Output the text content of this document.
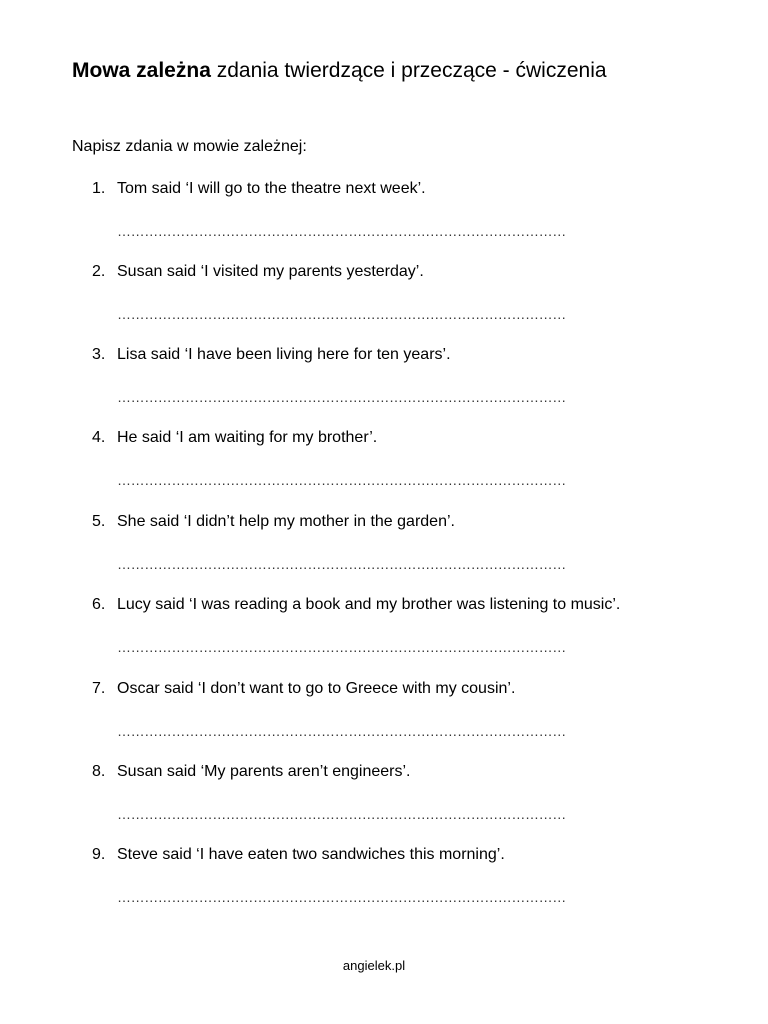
Mowa zależna zdania twierdzące i przeczące - ćwiczenia
Napisz zdania w mowie zależnej:
1. Tom said ‘I will go to the theatre next week’.
………………………………………………………………………………………
2. Susan said ‘I visited my parents yesterday’.
………………………………………………………………………………………
3. Lisa said ‘I have been living here for ten years’.
………………………………………………………………………………………
4. He said ‘I am waiting for my brother’.
………………………………………………………………………………………
5. She said ‘I didn’t help my mother in the garden’.
………………………………………………………………………………………
6. Lucy said ‘I was reading a book and my brother was listening to music’.
………………………………………………………………………………………
7. Oscar said ‘I don’t want to go to Greece with my cousin’.
………………………………………………………………………………………
8. Susan said ‘My parents aren’t engineers’.
………………………………………………………………………………………
9. Steve said ‘I have eaten two sandwiches this morning’.
………………………………………………………………………………………
angielek.pl
